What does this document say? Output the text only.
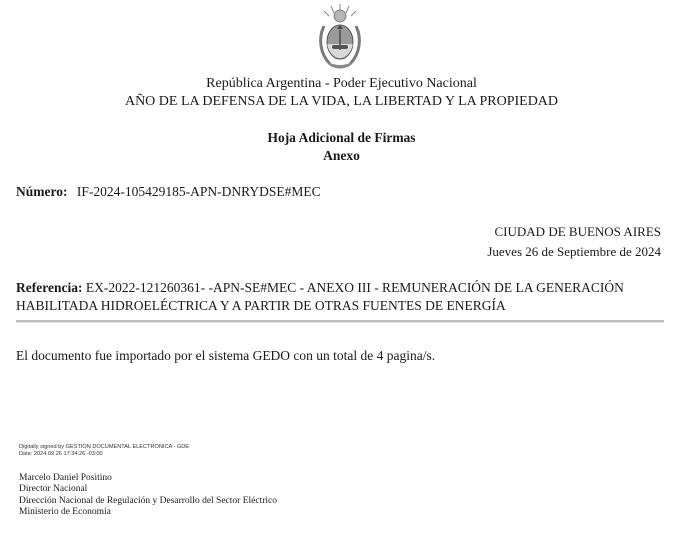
República Argentina - Poder Ejecutivo Nacional
AÑO DE LA DEFENSA DE LA VIDA, LA LIBERTAD Y LA PROPIEDAD
Hoja Adicional de Firmas
Anexo
Número: IF-2024-105429185-APN-DNRYDSE#MEC
CIUDAD DE BUENOS AIRES
Jueves 26 de Septiembre de 2024
Referencia: EX-2022-121260361- -APN-SE#MEC - ANEXO III - REMUNERACIÓN DE LA GENERACIÓN HABILITADA HIDROELÉCTRICA Y A PARTIR DE OTRAS FUENTES DE ENERGÍA
El documento fue importado por el sistema GEDO con un total de 4 pagina/s.
Digitally signed by GESTION DOCUMENTAL ELECTRONICA - GDE
Date: 2024.09.26 17:34:26 -03:00
Marcelo Daniel Positino
Director Nacional
Dirección Nacional de Regulación y Desarrollo del Sector Eléctrico
Ministerio de Economía
